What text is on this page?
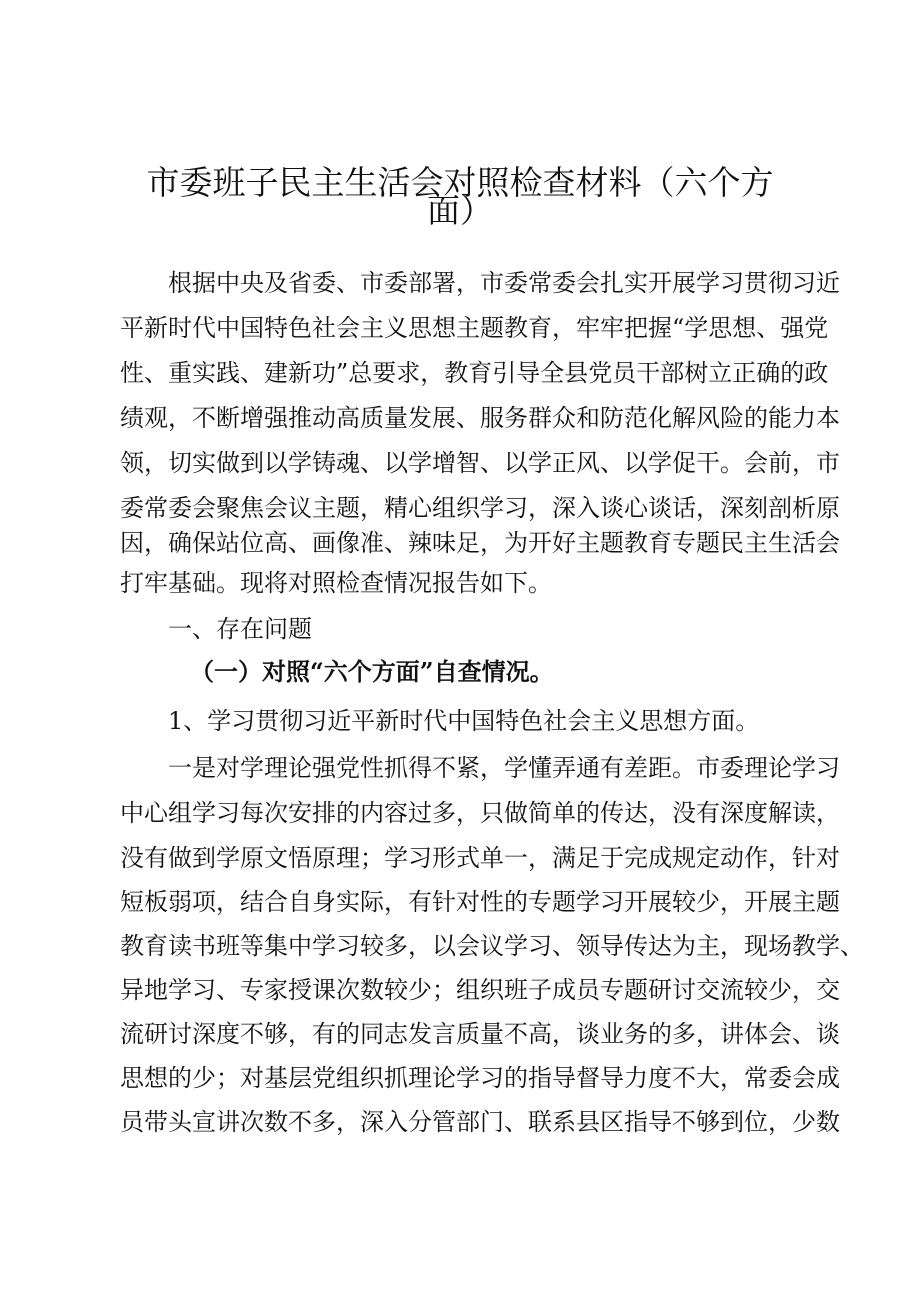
市委班子民主生活会对照检查材料（六个方
面）
根据中央及省委、市委部署，市委常委会扎实开展学习贯彻习近
平新时代中国特色社会主义思想主题教育，牢牢把握“学思想、强党
性、重实践、建新功”总要求，教育引导全县党员干部树立正确的政
绩观，不断增强推动高质量发展、服务群众和防范化解风险的能力本
领，切实做到以学铸魂、以学增智、以学正风、以学促干。会前，市
委常委会聚焦会议主题，精心组织学习，深入谈心谈话，深刻剖析原
因，确保站位高、画像准、辣味足，为开好主题教育专题民主生活会
打牢基础。现将对照检查情况报告如下。
一、存在问题
（一）对照“六个方面”自查情况。
1、学习贯彻习近平新时代中国特色社会主义思想方面。
一是对学理论强党性抓得不紧，学懂弄通有差距。市委理论学习
中心组学习每次安排的内容过多，只做简单的传达，没有深度解读，
没有做到学原文悟原理；学习形式单一，满足于完成规定动作，针对
短板弱项，结合自身实际，有针对性的专题学习开展较少，开展主题
教育读书班等集中学习较多，以会议学习、领导传达为主，现场教学、
异地学习、专家授课次数较少；组织班子成员专题研讨交流较少，交
流研讨深度不够，有的同志发言质量不高，谈业务的多，讲体会、谈
思想的少；对基层党组织抓理论学习的指导督导力度不大，常委会成
员带头宣讲次数不多，深入分管部门、联系县区指导不够到位，少数
